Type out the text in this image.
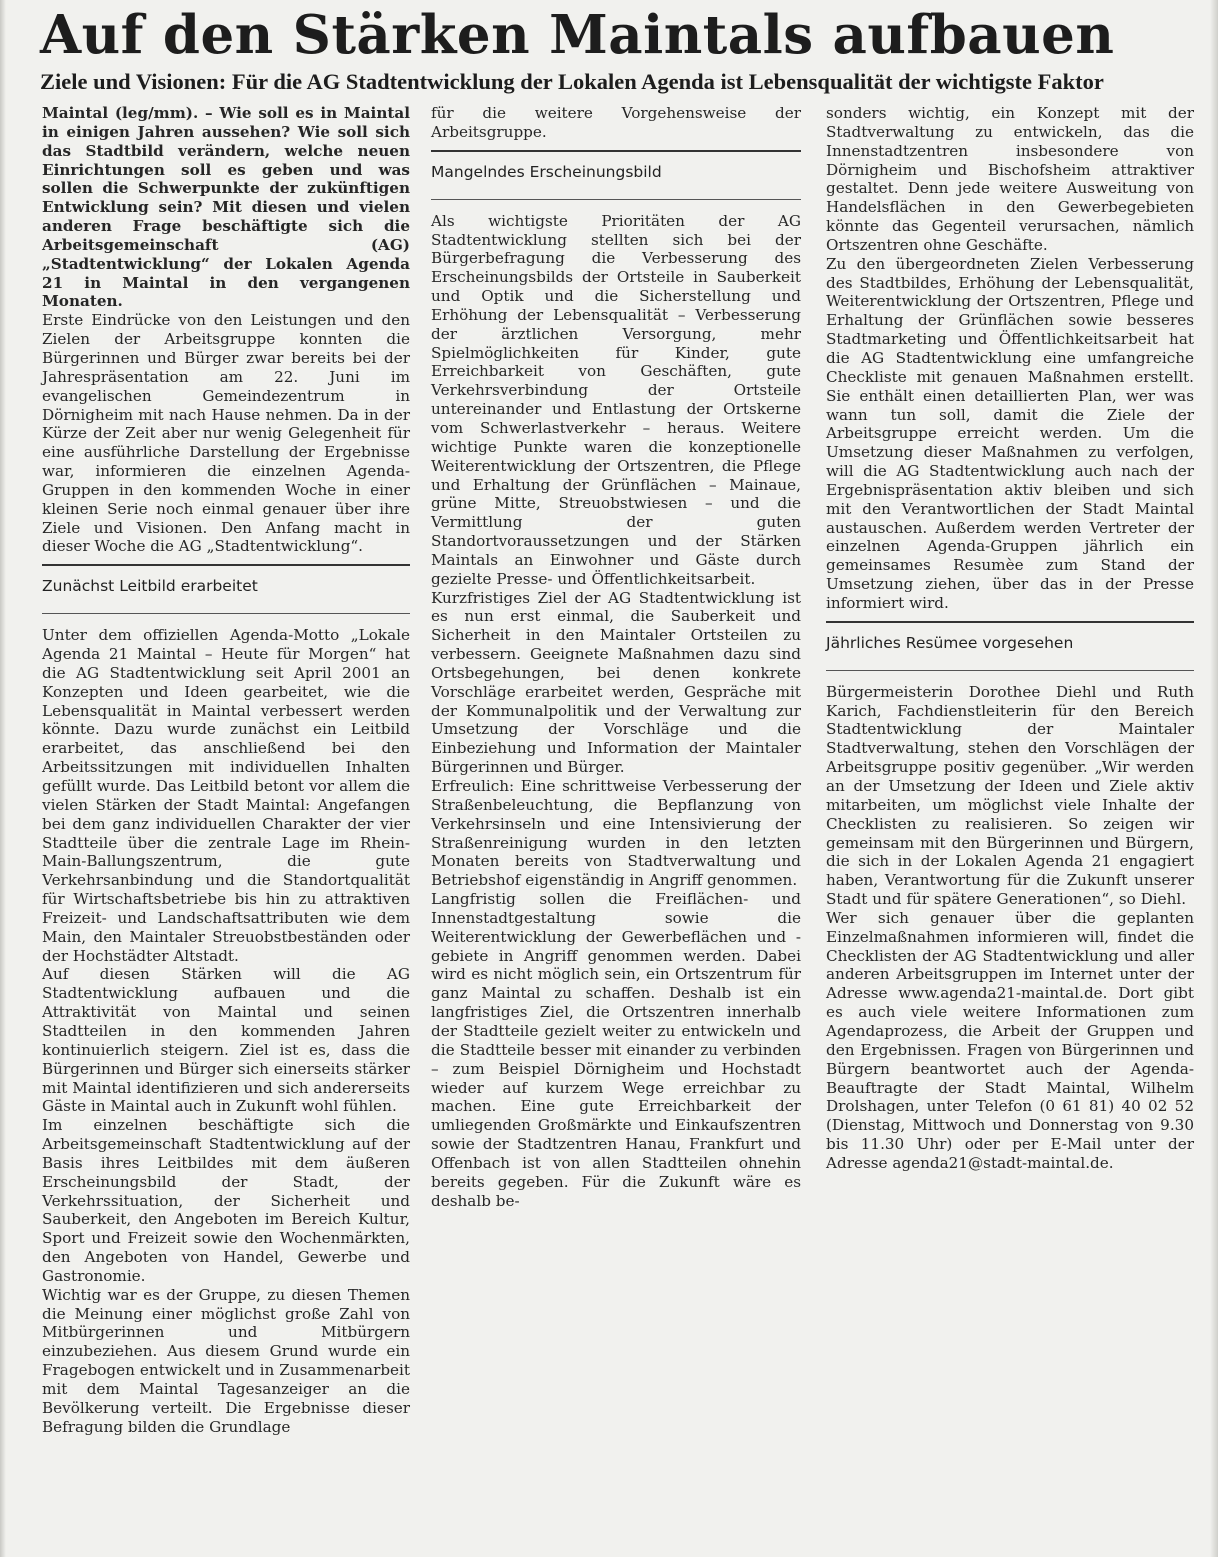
Auf den Stärken Maintals aufbauen
Ziele und Visionen: Für die AG Stadtentwicklung der Lokalen Agenda ist Lebensqualität der wichtigste Faktor

Maintal (leg/mm). – Wie soll es in Maintal in einigen Jahren aussehen? Wie soll sich das Stadtbild verändern, welche neuen Einrichtungen soll es geben und was sollen die Schwerpunkte der zukünftigen Entwicklung sein? Mit diesen und vielen anderen Frage beschäftigte sich die Arbeitsgemeinschaft (AG) „Stadtentwicklung“ der Lokalen Agenda 21 in Maintal in den vergangenen Monaten.

Erste Eindrücke von den Leistungen und den Zielen der Arbeitsgruppe konnten die Bürgerinnen und Bürger zwar bereits bei der Jahrespräsentation am 22. Juni im evangelischen Gemeindezentrum in Dörnigheim mit nach Hause nehmen. Da in der Kürze der Zeit aber nur wenig Gelegenheit für eine ausführliche Darstellung der Ergebnisse war, informieren die einzelnen Agenda-Gruppen in den kommenden Woche in einer kleinen Serie noch einmal genauer über ihre Ziele und Visionen. Den Anfang macht in dieser Woche die AG „Stadtentwicklung“.

Zunächst Leitbild erarbeitet

Unter dem offiziellen Agenda-Motto „Lokale Agenda 21 Maintal – Heute für Morgen“ hat die AG Stadtentwicklung seit April 2001 an Konzepten und Ideen gearbeitet, wie die Lebensqualität in Maintal verbessert werden könnte. Dazu wurde zunächst ein Leitbild erarbeitet, das anschließend bei den Arbeitssitzungen mit individuellen Inhalten gefüllt wurde. Das Leitbild betont vor allem die vielen Stärken der Stadt Maintal: Angefangen bei dem ganz individuellen Charakter der vier Stadtteile über die zentrale Lage im Rhein-Main-Ballungszentrum, die gute Verkehrsanbindung und die Standortqualität für Wirtschaftsbetriebe bis hin zu attraktiven Freizeit- und Landschaftsattributen wie dem Main, den Maintaler Streuobstbeständen oder der Hochstädter Altstadt.

Auf diesen Stärken will die AG Stadtentwicklung aufbauen und die Attraktivität von Maintal und seinen Stadtteilen in den kommenden Jahren kontinuierlich steigern. Ziel ist es, dass die Bürgerinnen und Bürger sich einerseits stärker mit Maintal identifizieren und sich andererseits Gäste in Maintal auch in Zukunft wohl fühlen.

Im einzelnen beschäftigte sich die Arbeitsgemeinschaft Stadtentwicklung auf der Basis ihres Leitbildes mit dem äußeren Erscheinungsbild der Stadt, der Verkehrssituation, der Sicherheit und Sauberkeit, den Angeboten im Bereich Kultur, Sport und Freizeit sowie den Wochenmärkten, den Angeboten von Handel, Gewerbe und Gastronomie.

Wichtig war es der Gruppe, zu diesen Themen die Meinung einer möglichst große Zahl von Mitbürgerinnen und Mitbürgern einzubeziehen. Aus diesem Grund wurde ein Fragebogen entwickelt und in Zusammenarbeit mit dem Maintal Tagesanzeiger an die Bevölkerung verteilt. Die Ergebnisse dieser Befragung bilden die Grundlage

für die weitere Vorgehensweise der Arbeitsgruppe.

Mangelndes Erscheinungsbild

Als wichtigste Prioritäten der AG Stadtentwicklung stellten sich bei der Bürgerbefragung die Verbesserung des Erscheinungsbilds der Ortsteile in Sauberkeit und Optik und die Sicherstellung und Erhöhung der Lebensqualität – Verbesserung der ärztlichen Versorgung, mehr Spielmöglichkeiten für Kinder, gute Erreichbarkeit von Geschäften, gute Verkehrsverbindung der Ortsteile untereinander und Entlastung der Ortskerne vom Schwerlastverkehr – heraus. Weitere wichtige Punkte waren die konzeptionelle Weiterentwicklung der Ortszentren, die Pflege und Erhaltung der Grünflächen – Mainaue, grüne Mitte, Streuobstwiesen – und die Vermittlung der guten Standortvoraussetzungen und der Stärken Maintals an Einwohner und Gäste durch gezielte Presse- und Öffentlichkeitsarbeit.

Kurzfristiges Ziel der AG Stadtentwicklung ist es nun erst einmal, die Sauberkeit und Sicherheit in den Maintaler Ortsteilen zu verbessern. Geeignete Maßnahmen dazu sind Ortsbegehungen, bei denen konkrete Vorschläge erarbeitet werden, Gespräche mit der Kommunalpolitik und der Verwaltung zur Umsetzung der Vorschläge und die Einbeziehung und Information der Maintaler Bürgerinnen und Bürger.

Erfreulich: Eine schrittweise Verbesserung der Straßenbeleuchtung, die Bepflanzung von Verkehrsinseln und eine Intensivierung der Straßenreinigung wurden in den letzten Monaten bereits von Stadtverwaltung und Betriebshof eigenständig in Angriff genommen.

Langfristig sollen die Freiflächen- und Innenstadtgestaltung sowie die Weiterentwicklung der Gewerbeflächen und -gebiete in Angriff genommen werden. Dabei wird es nicht möglich sein, ein Ortszentrum für ganz Maintal zu schaffen. Deshalb ist ein langfristiges Ziel, die Ortszentren innerhalb der Stadtteile gezielt weiter zu entwickeln und die Stadtteile besser mit einander zu verbinden – zum Beispiel Dörnigheim und Hochstadt wieder auf kurzem Wege erreichbar zu machen. Eine gute Erreichbarkeit der umliegenden Großmärkte und Einkaufszentren sowie der Stadtzentren Hanau, Frankfurt und Offenbach ist von allen Stadtteilen ohnehin bereits gegeben. Für die Zukunft wäre es deshalb be-

sonders wichtig, ein Konzept mit der Stadtverwaltung zu entwickeln, das die Innenstadtzentren insbesondere von Dörnigheim und Bischofsheim attraktiver gestaltet. Denn jede weitere Ausweitung von Handelsflächen in den Gewerbegebieten könnte das Gegenteil verursachen, nämlich Ortszentren ohne Geschäfte.

Zu den übergeordneten Zielen Verbesserung des Stadtbildes, Erhöhung der Lebensqualität, Weiterentwicklung der Ortszentren, Pflege und Erhaltung der Grünflächen sowie besseres Stadtmarketing und Öffentlichkeitsarbeit hat die AG Stadtentwicklung eine umfangreiche Checkliste mit genauen Maßnahmen erstellt. Sie enthält einen detaillierten Plan, wer was wann tun soll, damit die Ziele der Arbeitsgruppe erreicht werden. Um die Umsetzung dieser Maßnahmen zu verfolgen, will die AG Stadtentwicklung auch nach der Ergebnispräsentation aktiv bleiben und sich mit den Verantwortlichen der Stadt Maintal austauschen. Außerdem werden Vertreter der einzelnen Agenda-Gruppen jährlich ein gemeinsames Resumèe zum Stand der Umsetzung ziehen, über das in der Presse informiert wird.

Jährliches Resümee vorgesehen

Bürgermeisterin Dorothee Diehl und Ruth Karich, Fachdienstleiterin für den Bereich Stadtentwicklung der Maintaler Stadtverwaltung, stehen den Vorschlägen der Arbeitsgruppe positiv gegenüber. „Wir werden an der Umsetzung der Ideen und Ziele aktiv mitarbeiten, um möglichst viele Inhalte der Checklisten zu realisieren. So zeigen wir gemeinsam mit den Bürgerinnen und Bürgern, die sich in der Lokalen Agenda 21 engagiert haben, Verantwortung für die Zukunft unserer Stadt und für spätere Generationen“, so Diehl.

Wer sich genauer über die geplanten Einzelmaßnahmen informieren will, findet die Checklisten der AG Stadtentwicklung und aller anderen Arbeitsgruppen im Internet unter der Adresse www.agenda21-maintal.de. Dort gibt es auch viele weitere Informationen zum Agendaprozess, die Arbeit der Gruppen und den Ergebnissen. Fragen von Bürgerinnen und Bürgern beantwortet auch der Agenda-Beauftragte der Stadt Maintal, Wilhelm Drolshagen, unter Telefon (0 61 81) 40 02 52 (Dienstag, Mittwoch und Donnerstag von 9.30 bis 11.30 Uhr) oder per E-Mail unter der Adresse agenda21@stadt-maintal.de.
